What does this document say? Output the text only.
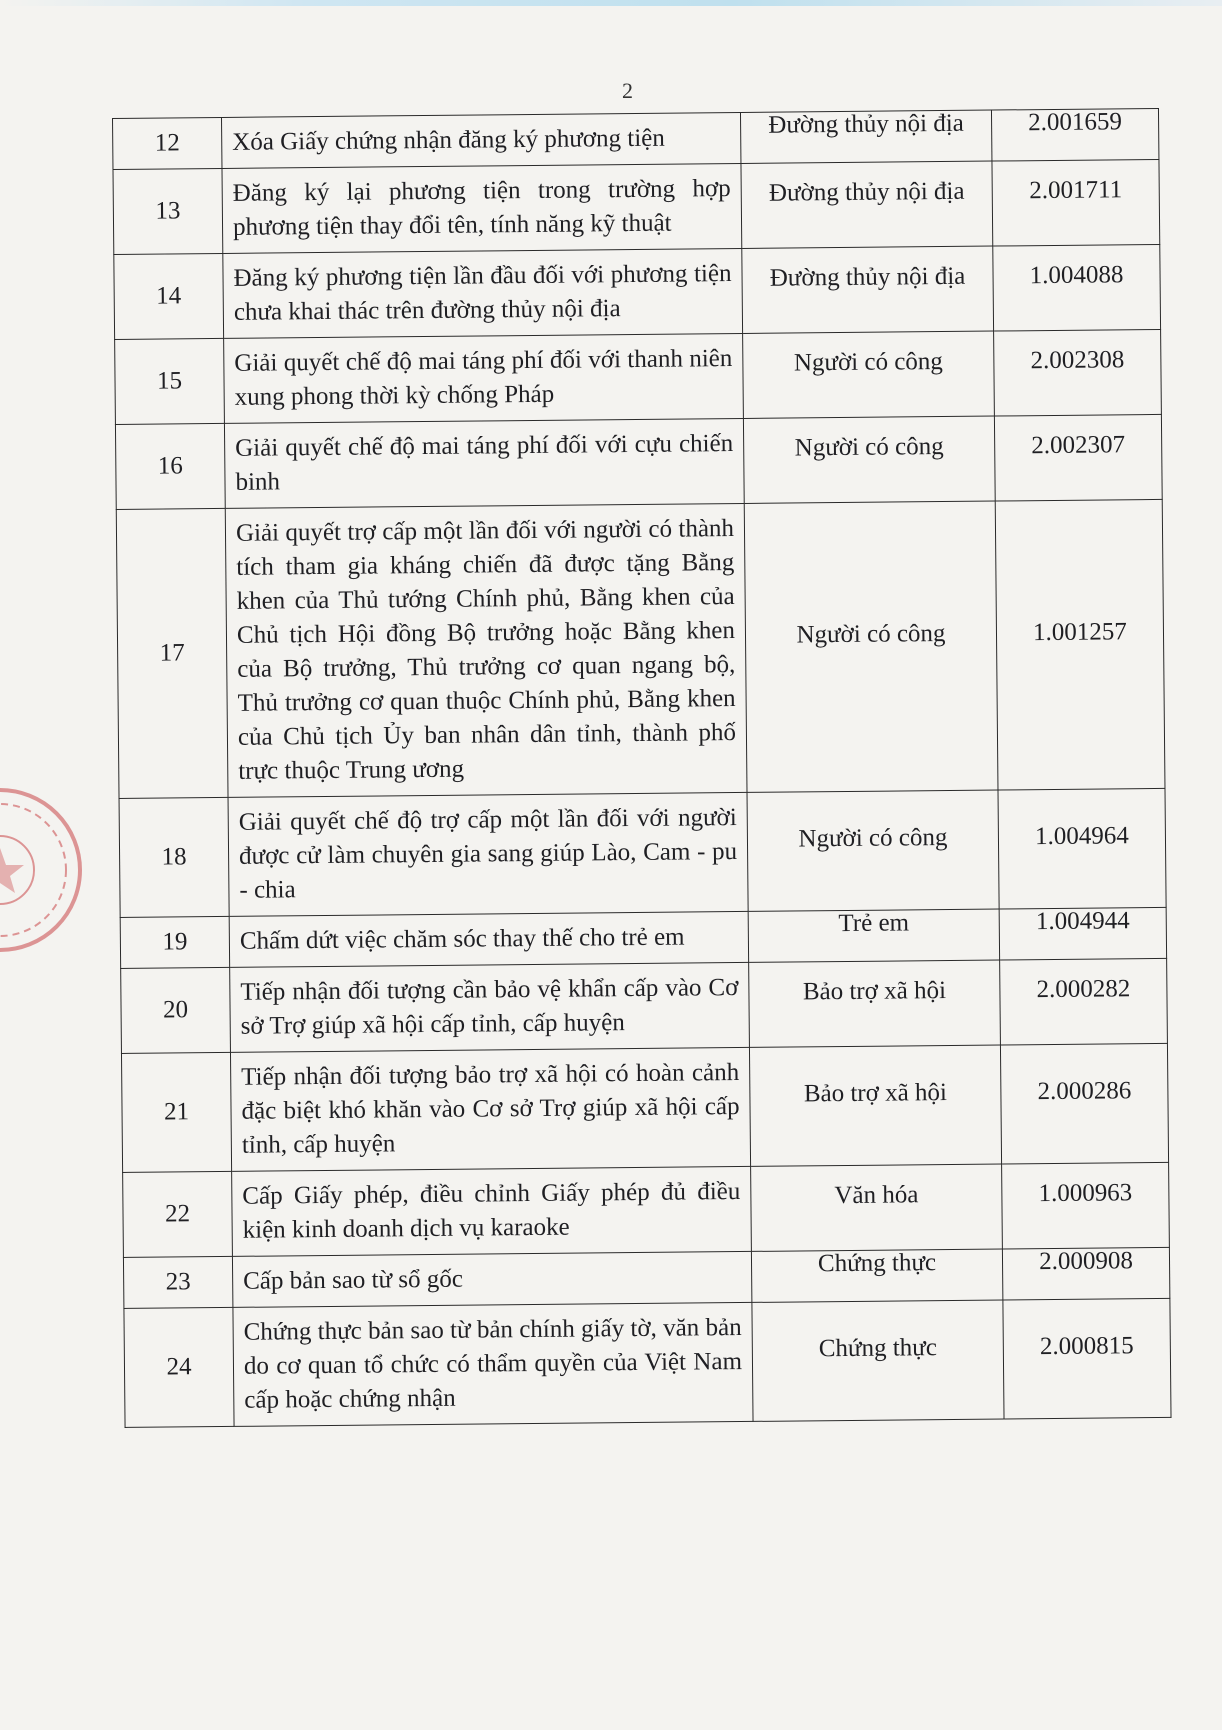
2
12	Xóa Giấy chứng nhận đăng ký phương tiện	Đường thủy nội địa	2.001659
13	Đăng ký lại phương tiện trong trường hợp phương tiện thay đổi tên, tính năng kỹ thuật	Đường thủy nội địa	2.001711
14	Đăng ký phương tiện lần đầu đối với phương tiện chưa khai thác trên đường thủy nội địa	Đường thủy nội địa	1.004088
15	Giải quyết chế độ mai táng phí đối với thanh niên xung phong thời kỳ chống Pháp	Người có công	2.002308
16	Giải quyết chế độ mai táng phí đối với cựu chiến binh	Người có công	2.002307
17	Giải quyết trợ cấp một lần đối với người có thành tích tham gia kháng chiến đã được tặng Bằng khen của Thủ tướng Chính phủ, Bằng khen của Chủ tịch Hội đồng Bộ trưởng hoặc Bằng khen của Bộ trưởng, Thủ trưởng cơ quan ngang bộ, Thủ trưởng cơ quan thuộc Chính phủ, Bằng khen của Chủ tịch Ủy ban nhân dân tỉnh, thành phố trực thuộc Trung ương	Người có công	1.001257
18	Giải quyết chế độ trợ cấp một lần đối với người được cử làm chuyên gia sang giúp Lào, Cam - pu - chia	Người có công	1.004964
19	Chấm dứt việc chăm sóc thay thế cho trẻ em	Trẻ em	1.004944
20	Tiếp nhận đối tượng cần bảo vệ khẩn cấp vào Cơ sở Trợ giúp xã hội cấp tỉnh, cấp huyện	Bảo trợ xã hội	2.000282
21	Tiếp nhận đối tượng bảo trợ xã hội có hoàn cảnh đặc biệt khó khăn vào Cơ sở Trợ giúp xã hội cấp tỉnh, cấp huyện	Bảo trợ xã hội	2.000286
22	Cấp Giấy phép, điều chỉnh Giấy phép đủ điều kiện kinh doanh dịch vụ karaoke	Văn hóa	1.000963
23	Cấp bản sao từ sổ gốc	Chứng thực	2.000908
24	Chứng thực bản sao từ bản chính giấy tờ, văn bản do cơ quan tổ chức có thẩm quyền của Việt Nam cấp hoặc chứng nhận	Chứng thực	2.000815
